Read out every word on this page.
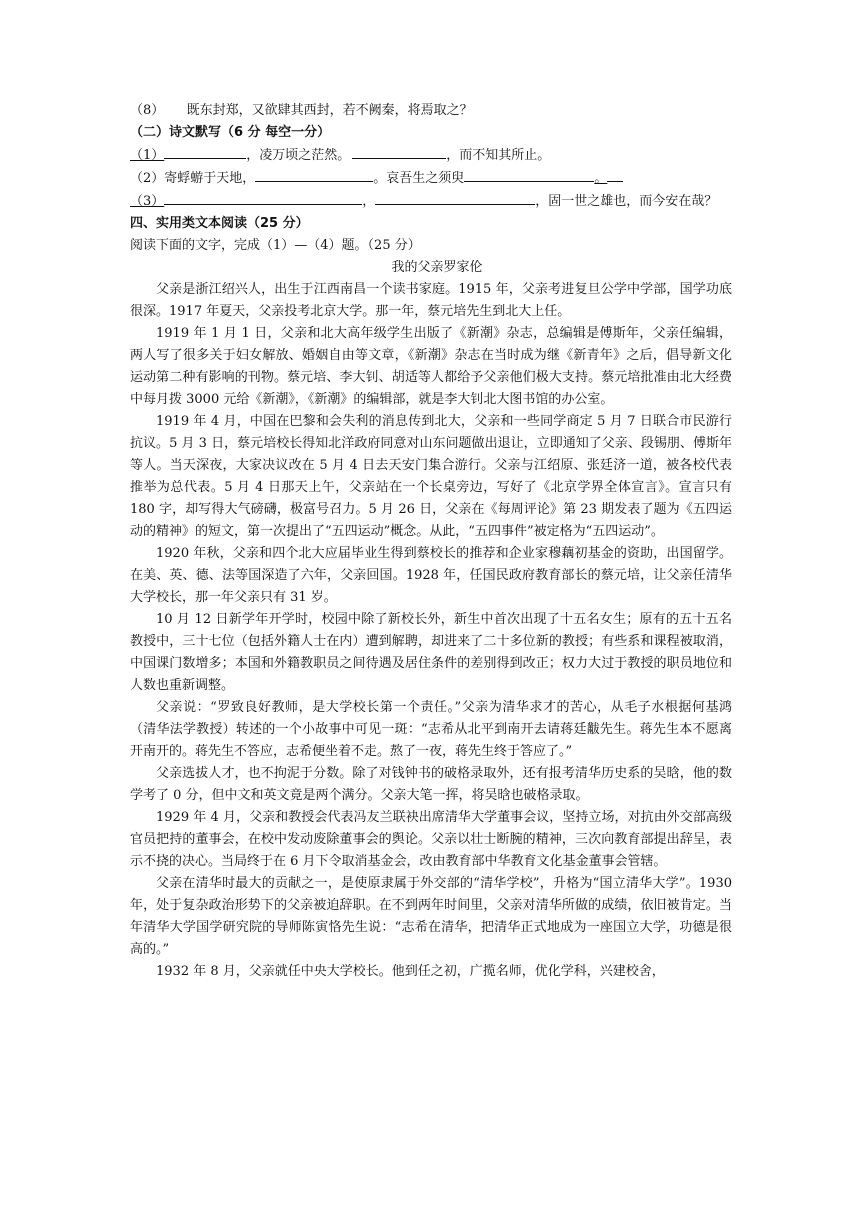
（8） 既东封郑，又欲肆其西封，若不阙秦，将焉取之？
（二）诗文默写（6 分 每空一分）
（1）	，凌万顷之茫然。	，而不知其所止。
（2）寄蜉蝣于天地，	。哀吾生之须臾	。
（3）	，	，固一世之雄也，而今安在哉？
四、实用类文本阅读（25 分）
阅读下面的文字，完成（1）—（4）题。（25 分）
我的父亲罗家伦

父亲是浙江绍兴人，出生于江西南昌一个读书家庭。1915 年，父亲考进复旦公学中学部，国学功底很深。1917 年夏天，父亲投考北京大学。那一年，蔡元培先生到北大上任。

1919 年 1 月 1 日，父亲和北大高年级学生出版了《新潮》杂志，总编辑是傅斯年，父亲任编辑，两人写了很多关于妇女解放、婚姻自由等文章，《新潮》杂志在当时成为继《新青年》之后，倡导新文化运动第二种有影响的刊物。蔡元培、李大钊、胡适等人都给予父亲他们极大支持。蔡元培批准由北大经费中每月拨 3000 元给《新潮》，《新潮》的编辑部，就是李大钊北大图书馆的办公室。

1919 年 4 月，中国在巴黎和会失利的消息传到北大，父亲和一些同学商定 5 月 7 日联合市民游行抗议。5 月 3 日，蔡元培校长得知北洋政府同意对山东问题做出退让，立即通知了父亲、段锡朋、傅斯年等人。当天深夜，大家决议改在 5 月 4 日去天安门集合游行。父亲与江绍原、张廷济一道，被各校代表推举为总代表。5 月 4 日那天上午，父亲站在一个长桌旁边，写好了《北京学界全体宣言》。宣言只有 180 字，却写得大气磅礴，极富号召力。5 月 26 日，父亲在《每周评论》第 23 期发表了题为《五四运动的精神》的短文，第一次提出了“五四运动”概念。从此，“五四事件”被定格为“五四运动”。

1920 年秋，父亲和四个北大应届毕业生得到蔡校长的推荐和企业家穆藕初基金的资助，出国留学。在美、英、德、法等国深造了六年，父亲回国。1928 年，任国民政府教育部长的蔡元培，让父亲任清华大学校长，那一年父亲只有 31 岁。

10 月 12 日新学年开学时，校园中除了新校长外，新生中首次出现了十五名女生；原有的五十五名教授中，三十七位（包括外籍人士在内）遭到解聘，却进来了二十多位新的教授；有些系和课程被取消，中国课门数增多；本国和外籍教职员之间待遇及居住条件的差别得到改正；权力大过于教授的职员地位和人数也重新调整。

父亲说：“罗致良好教师，是大学校长第一个责任。”父亲为清华求才的苦心，从毛子水根据何基鸿（清华法学教授）转述的一个小故事中可见一斑：“志希从北平到南开去请蒋廷黻先生。蒋先生本不愿离开南开的。蒋先生不答应，志希便坐着不走。熬了一夜，蒋先生终于答应了。”

父亲选拔人才，也不拘泥于分数。除了对钱钟书的破格录取外，还有报考清华历史系的吴晗，他的数学考了 0 分，但中文和英文竟是两个满分。父亲大笔一挥，将吴晗也破格录取。

1929 年 4 月，父亲和教授会代表冯友兰联袂出席清华大学董事会议，坚持立场，对抗由外交部高级官员把持的董事会，在校中发动废除董事会的舆论。父亲以壮士断腕的精神，三次向教育部提出辞呈，表示不挠的决心。当局终于在 6 月下令取消基金会，改由教育部中华教育文化基金董事会管辖。

父亲在清华时最大的贡献之一，是使原隶属于外交部的“清华学校”，升格为“国立清华大学”。1930 年，处于复杂政治形势下的父亲被迫辞职。在不到两年时间里，父亲对清华所做的成绩，依旧被肯定。当年清华大学国学研究院的导师陈寅恪先生说：“志希在清华，把清华正式地成为一座国立大学，功德是很高的。”

1932 年 8 月，父亲就任中央大学校长。他到任之初，广揽名师，优化学科，兴建校舍，
